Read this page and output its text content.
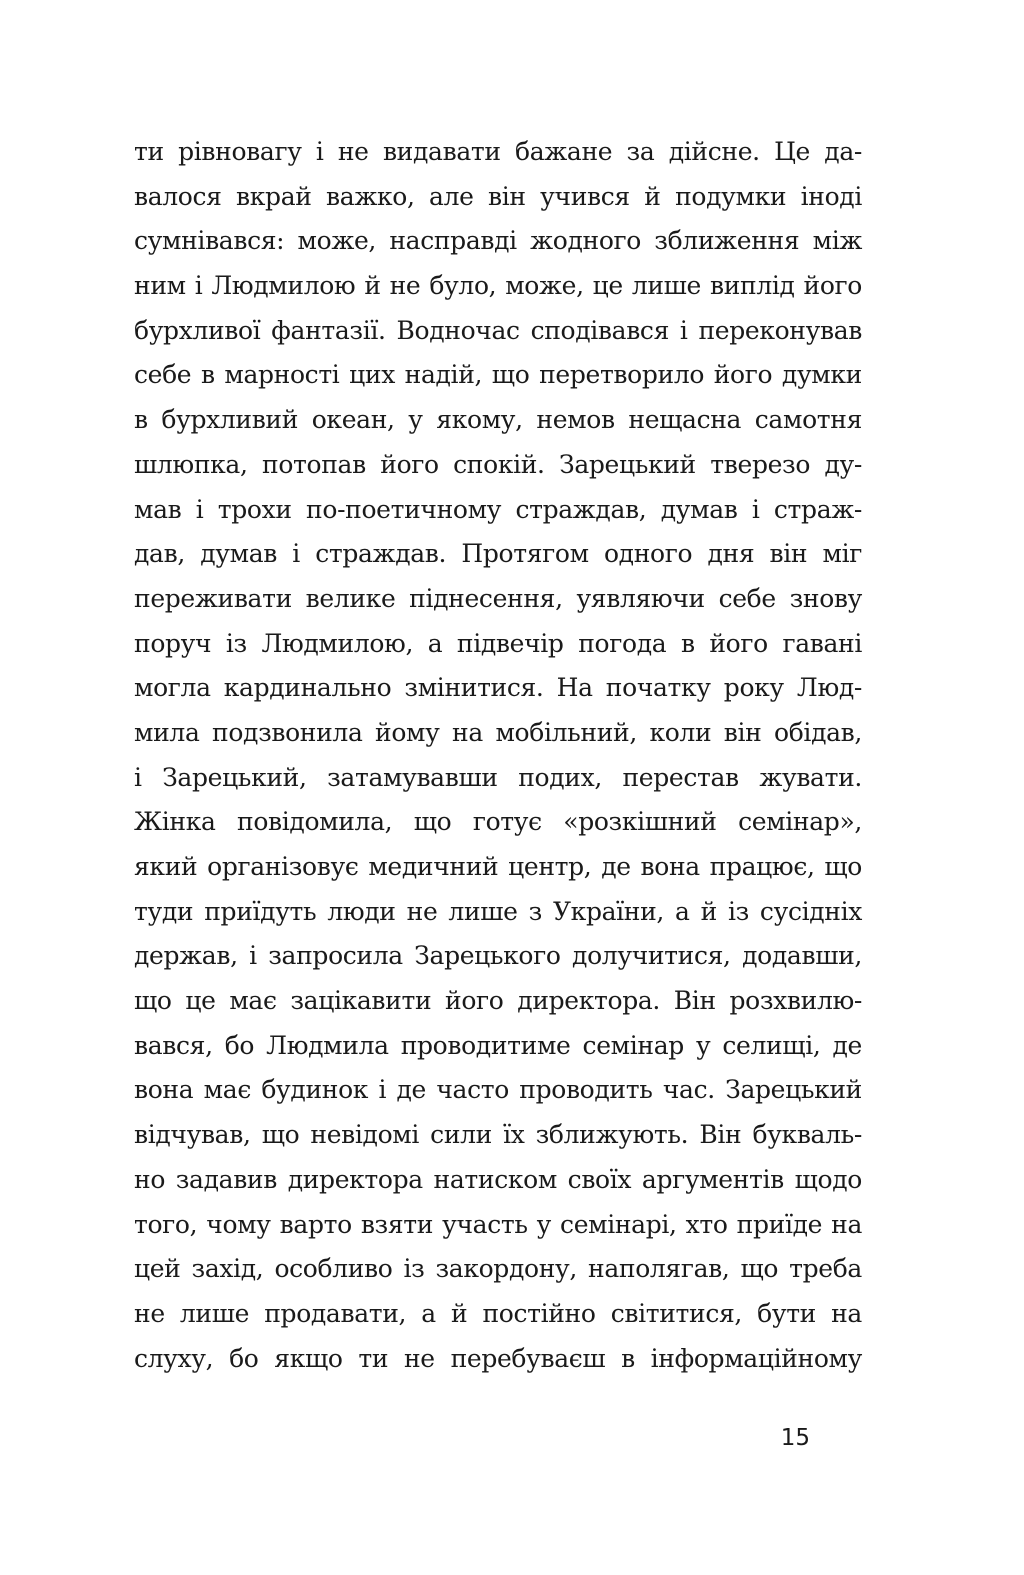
ти рівновагу і не видавати бажане за дійсне. Це да-
валося вкрай важко, але він учився й подумки іноді
сумнівався: може, насправді жодного зближення між
ним і Людмилою й не було, може, це лише виплід його
бурхливої фантазії. Водночас сподівався і переконував
себе в марності цих надій, що перетворило його думки
в бурхливий океан, у якому, немов нещасна самотня
шлюпка, потопав його спокій. Зарецький тверезо ду-
мав і трохи по-поетичному страждав, думав і страж-
дав, думав і страждав. Протягом одного дня він міг
переживати велике піднесення, уявляючи себе знову
поруч із Людмилою, а підвечір погода в його гавані
могла кардинально змінитися. На початку року Люд-
мила подзвонила йому на мобільний, коли він обідав,
і Зарецький, затамувавши подих, перестав жувати.
Жінка повідомила, що готує «розкішний семінар»,
який організовує медичний центр, де вона працює, що
туди приїдуть люди не лише з України, а й із сусідніх
держав, і запросила Зарецького долучитися, додавши,
що це має зацікавити його директора. Він розхвилю-
вався, бо Людмила проводитиме семінар у селищі, де
вона має будинок і де часто проводить час. Зарецький
відчував, що невідомі сили їх зближують. Він букваль-
но задавив директора натиском своїх аргументів щодо
того, чому варто взяти участь у семінарі, хто приїде на
цей захід, особливо із закордону, наполягав, що треба
не лише продавати, а й постійно світитися, бути на
слуху, бо якщо ти не перебуваєш в інформаційному
15
